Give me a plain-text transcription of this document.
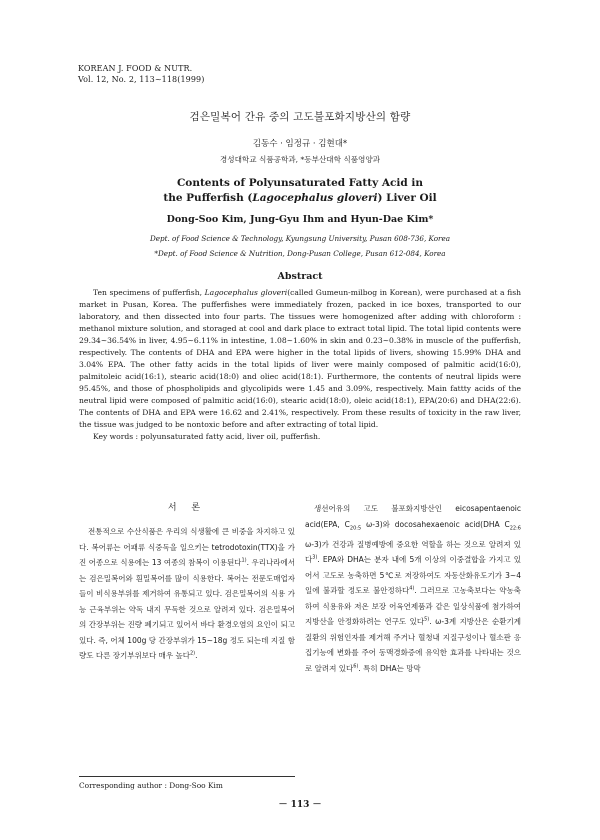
KOREAN J. FOOD & NUTR.
Vol. 12, No. 2, 113~118(1999)
검은밀복어 간유 중의 고도불포화지방산의 함량
김동수 · 임정규 · 김현대*
경성대학교 식품공학과, *동부산대학 식품영양과
Contents of Polyunsaturated Fatty Acid in
the Pufferfish (Lagocephalus gloveri) Liver Oil
Dong-Soo Kim, Jung-Gyu Ihm and Hyun-Dae Kim*
Dept. of Food Science & Technology, Kyungsung University, Pusan 608-736, Korea
*Dept. of Food Science & Nutrition, Dong-Pusan College, Pusan 612-084, Korea
Abstract

Ten specimens of pufferfish, Lagocephalus gloveri(called Gumeun-milbog in Korean), were purchased at a fish market in Pusan, Korea. The pufferfishes were immediately frozen, packed in ice boxes, transported to our laboratory, and then dissected into four parts. The tissues were homogenized after adding with chloroform : methanol mixture solution, and storaged at cool and dark place to extract total lipid. The total lipid contents were 29.34~36.54% in liver, 4.95~6.11% in intestine, 1.08~1.60% in skin and 0.23~0.38% in muscle of the pufferfish, respectively. The contents of DHA and EPA were higher in the total lipids of livers, showing 15.99% DHA and 3.04% EPA. The other fatty acids in the total lipids of liver were mainly composed of palmitic acid(16:0), palmitoleic acid(16:1), stearic acid(18:0) and oliec acid(18:1). Furthermore, the contents of neutral lipids were 95.45%, and those of phospholipids and glycolipids were 1.45 and 3.09%, respectively. Main fattty acids of the neutral lipid were composed of palmitic acid(16:0), stearic acid(18:0), oleic acid(18:1), EPA(20:6) and DHA(22:6). The contents of DHA and EPA were 16.62 and 2.41%, respectively. From these results of toxicity in the raw liver, the tissue was judged to be nontoxic before and after extracting of total lipid.

Key words : polyunsaturated fatty acid, liver oil, pufferfish.

서 론
전통적으로 수산식품은 우리의 식생활에 큰 비중을 차지하고 있다. 복어류는 어패류 식중독을 일으키는 tetrodotoxin(TTX)을 가진 어종으로 식용에는 13 여종의 참복이 이용된다$^{1)}$. 우리나라에서는 검은밀복어와 흰밀복어를 많이 식용한다. 복어는 전문도매업자들이 비식용부위를 제거하여 유통되고 있다. 검은밀복어의 식용 가능 근육부위는 약독 내지 무독한 것으로 알려져 있다. 검은밀복어의 간장부위는 진량 폐기되고 있어서 바다 환경오염의 요인이 되고 있다. 즉, 어체 100g 당 간장부위가 15~18g 정도 되는데 지질 함량도 다른 장기부위보다 매우 높다$^{2)}$.
생선어유의 고도 불포화지방산인 eicosapentaenoic acid(EPA, $C_{20:5}$ ω-3)와 docosahexaenoic acid(DHA $C_{22:6}$ ω-3)가 건강과 질병예방에 중요한 역할을 하는 것으로 알려져 있다$^{3)}$. EPA와 DHA는 분자 내에 5개 이상의 이중결합을 가지고 있어서 고도로 농축하면 5℃로 저장하여도 자동산화유도기가 3~4일에 불과할 정도로 불안정하다$^{4)}$. 그러므로 고농축보다는 약농축하여 식용유와 저온 보장 어육연제품과 같은 일상식품에 첨가하여 지방산을 안정화하려는 연구도 있다$^{5)}$. ω-3계 지방산은 순환기계 질환의 위험인자를 제거해 주거나 혈청내 지질구성이나 혈소판 응집기능에 변화를 주어 동맥경화증에 유익한 효과를 나타내는 것으로 알려져 있다$^{6)}$. 특히 DHA는 망막
Corresponding author : Dong-Soo Kim
－ 113 －
